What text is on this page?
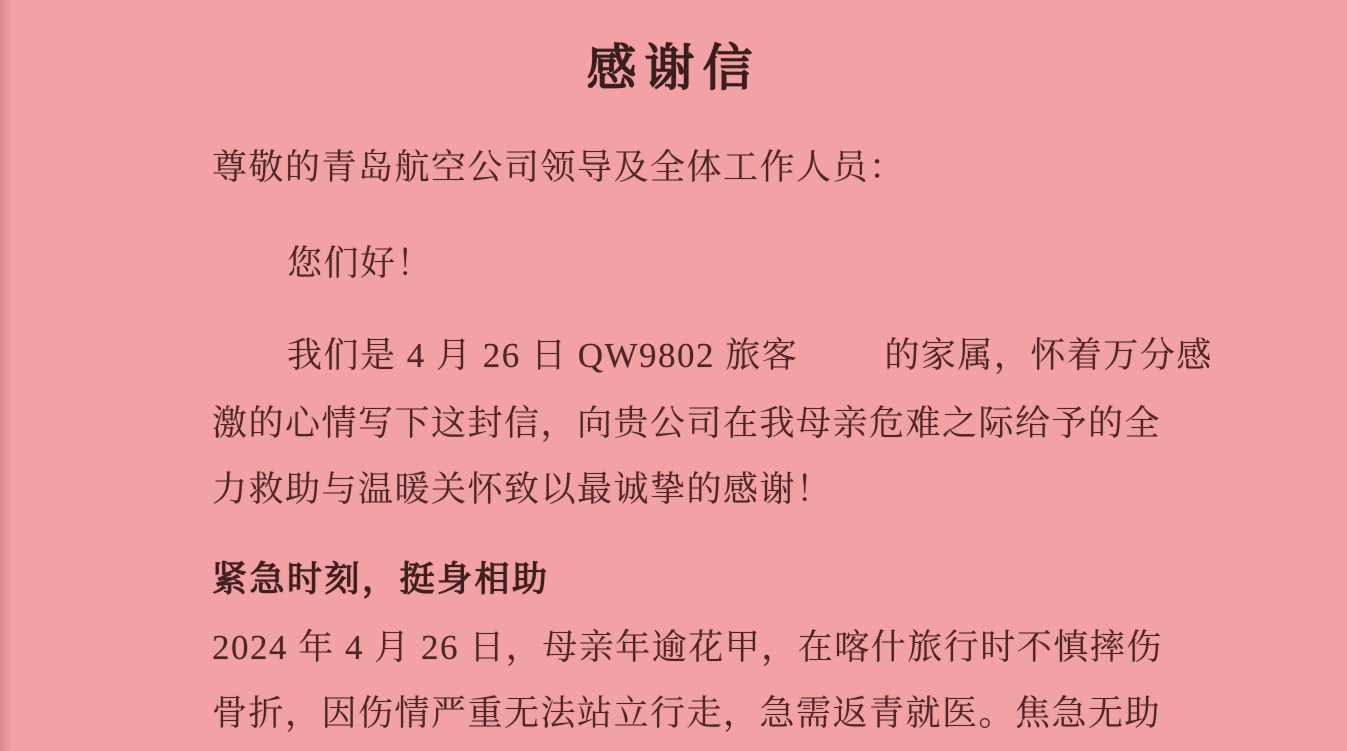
感谢信
尊敬的青岛航空公司领导及全体工作人员：
您们好！
我们是 4 月 26 日 QW9802 旅客 的家属，怀着万分感
激的心情写下这封信，向贵公司在我母亲危难之际给予的全
力救助与温暖关怀致以最诚挚的感谢！
紧急时刻，挺身相助
2024 年 4 月 26 日，母亲年逾花甲，在喀什旅行时不慎摔伤
骨折，因伤情严重无法站立行走，急需返青就医。焦急无助
